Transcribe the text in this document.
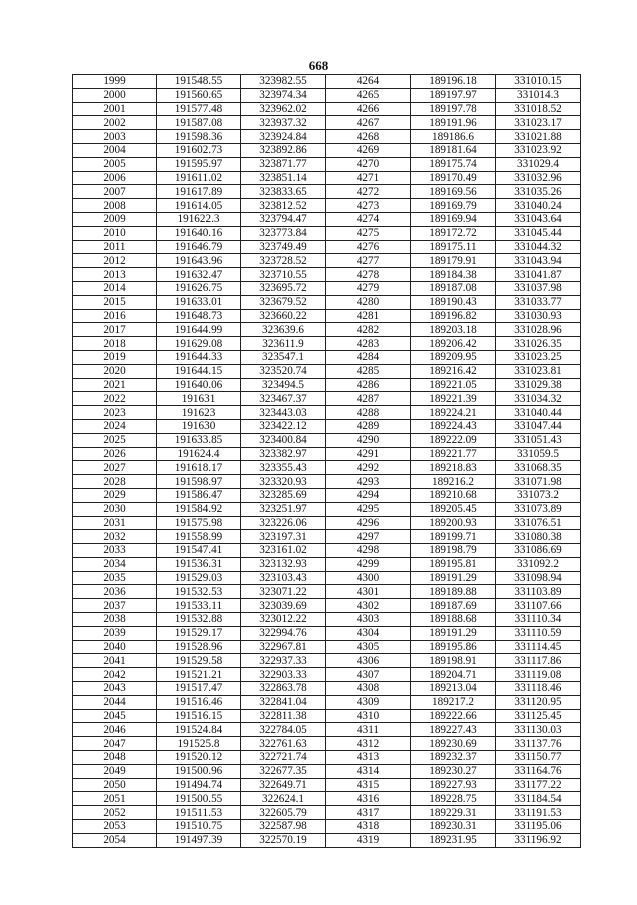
668
1999	191548.55	323982.55	4264	189196.18	331010.15
2000	191560.65	323974.34	4265	189197.97	331014.3
2001	191577.48	323962.02	4266	189197.78	331018.52
2002	191587.08	323937.32	4267	189191.96	331023.17
2003	191598.36	323924.84	4268	189186.6	331021.88
2004	191602.73	323892.86	4269	189181.64	331023.92
2005	191595.97	323871.77	4270	189175.74	331029.4
2006	191611.02	323851.14	4271	189170.49	331032.96
2007	191617.89	323833.65	4272	189169.56	331035.26
2008	191614.05	323812.52	4273	189169.79	331040.24
2009	191622.3	323794.47	4274	189169.94	331043.64
2010	191640.16	323773.84	4275	189172.72	331045.44
2011	191646.79	323749.49	4276	189175.11	331044.32
2012	191643.96	323728.52	4277	189179.91	331043.94
2013	191632.47	323710.55	4278	189184.38	331041.87
2014	191626.75	323695.72	4279	189187.08	331037.98
2015	191633.01	323679.52	4280	189190.43	331033.77
2016	191648.73	323660.22	4281	189196.82	331030.93
2017	191644.99	323639.6	4282	189203.18	331028.96
2018	191629.08	323611.9	4283	189206.42	331026.35
2019	191644.33	323547.1	4284	189209.95	331023.25
2020	191644.15	323520.74	4285	189216.42	331023.81
2021	191640.06	323494.5	4286	189221.05	331029.38
2022	191631	323467.37	4287	189221.39	331034.32
2023	191623	323443.03	4288	189224.21	331040.44
2024	191630	323422.12	4289	189224.43	331047.44
2025	191633.85	323400.84	4290	189222.09	331051.43
2026	191624.4	323382.97	4291	189221.77	331059.5
2027	191618.17	323355.43	4292	189218.83	331068.35
2028	191598.97	323320.93	4293	189216.2	331071.98
2029	191586.47	323285.69	4294	189210.68	331073.2
2030	191584.92	323251.97	4295	189205.45	331073.89
2031	191575.98	323226.06	4296	189200.93	331076.51
2032	191558.99	323197.31	4297	189199.71	331080.38
2033	191547.41	323161.02	4298	189198.79	331086.69
2034	191536.31	323132.93	4299	189195.81	331092.2
2035	191529.03	323103.43	4300	189191.29	331098.94
2036	191532.53	323071.22	4301	189189.88	331103.89
2037	191533.11	323039.69	4302	189187.69	331107.66
2038	191532.88	323012.22	4303	189188.68	331110.34
2039	191529.17	322994.76	4304	189191.29	331110.59
2040	191528.96	322967.81	4305	189195.86	331114.45
2041	191529.58	322937.33	4306	189198.91	331117.86
2042	191521.21	322903.33	4307	189204.71	331119.08
2043	191517.47	322863.78	4308	189213.04	331118.46
2044	191516.46	322841.04	4309	189217.2	331120.95
2045	191516.15	322811.38	4310	189222.66	331125.45
2046	191524.84	322784.05	4311	189227.43	331130.03
2047	191525.8	322761.63	4312	189230.69	331137.76
2048	191520.12	322721.74	4313	189232.37	331150.77
2049	191500.96	322677.35	4314	189230.27	331164.76
2050	191494.74	322649.71	4315	189227.93	331177.22
2051	191500.55	322624.1	4316	189228.75	331184.54
2052	191511.53	322605.79	4317	189229.31	331191.53
2053	191510.75	322587.98	4318	189230.31	331195.06
2054	191497.39	322570.19	4319	189231.95	331196.92
